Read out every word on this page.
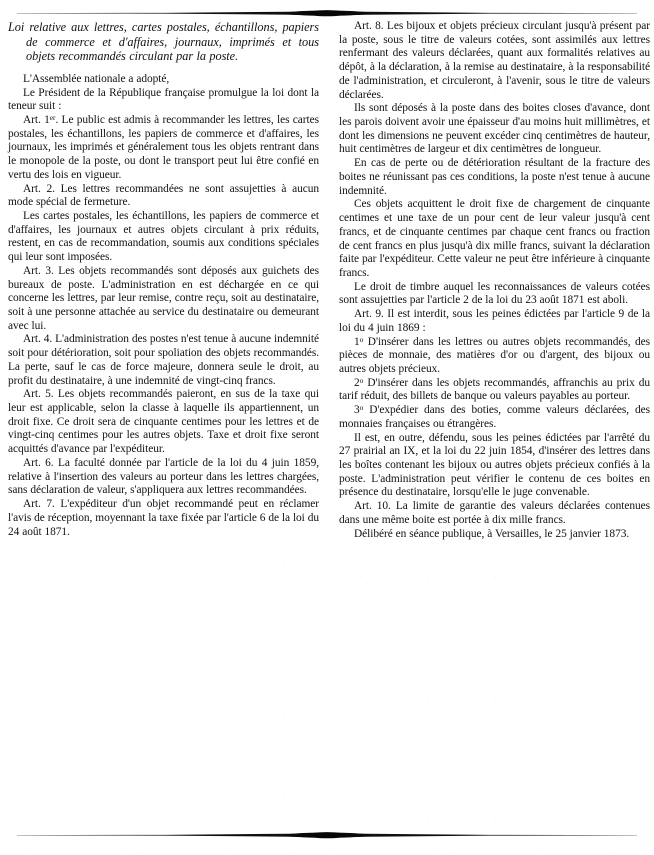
Loi relative aux lettres, cartes postales, échantillons, papiers de commerce et d'affaires, journaux, imprimés et tous objets recommandés circulant par la poste.

L'Assemblée nationale a adopté,

Le Président de la République française promulgue la loi dont la teneur suit :

Art. 1er. Le public est admis à recommander les lettres, les cartes postales, les échantillons, les papiers de commerce et d'affaires, les journaux, les imprimés et généralement tous les objets rentrant dans le monopole de la poste, ou dont le transport peut lui être confié en vertu des lois en vigueur.

Art. 2. Les lettres recommandées ne sont assujetties à aucun mode spécial de fermeture.

Les cartes postales, les échantillons, les papiers de commerce et d'affaires, les journaux et autres objets circulant à prix réduits, restent, en cas de recommandation, soumis aux conditions spéciales qui leur sont imposées.

Art. 3. Les objets recommandés sont déposés aux guichets des bureaux de poste. L'administration en est déchargée en ce qui concerne les lettres, par leur remise, contre reçu, soit au destinataire, soit à une personne attachée au service du destinataire ou demeurant avec lui.

Art. 4. L'administration des postes n'est tenue à aucune indemnité soit pour détérioration, soit pour spoliation des objets recommandés. La perte, sauf le cas de force majeure, donnera seule le droit, au profit du destinataire, à une indemnité de vingt-cinq francs.

Art. 5. Les objets recommandés paieront, en sus de la taxe qui leur est applicable, selon la classe à laquelle ils appartiennent, un droit fixe. Ce droit sera de cinquante centimes pour les lettres et de vingt-cinq centimes pour les autres objets. Taxe et droit fixe seront acquittés d'avance par l'expéditeur.

Art. 6. La faculté donnée par l'article de la loi du 4 juin 1859, relative à l'insertion des valeurs au porteur dans les lettres chargées, sans déclaration de valeur, s'appliquera aux lettres recommandées.

Art. 7. L'expéditeur d'un objet recommandé peut en réclamer l'avis de réception, moyennant la taxe fixée par l'article 6 de la loi du 24 août 1871.

Art. 8. Les bijoux et objets précieux circulant jusqu'à présent par la poste, sous le titre de valeurs cotées, sont assimilés aux lettres renfermant des valeurs déclarées, quant aux formalités relatives au dépôt, à la déclaration, à la remise au destinataire, à la responsabilité de l'administration, et circuleront, à l'avenir, sous le titre de valeurs déclarées.

Ils sont déposés à la poste dans des boites closes d'avance, dont les parois doivent avoir une épaisseur d'au moins huit millimètres, et dont les dimensions ne peuvent excéder cinq centimètres de hauteur, huit centimètres de largeur et dix centimètres de longueur.

En cas de perte ou de détérioration résultant de la fracture des boites ne réunissant pas ces conditions, la poste n'est tenue à aucune indemnité.

Ces objets acquittent le droit fixe de chargement de cinquante centimes et une taxe de un pour cent de leur valeur jusqu'à cent francs, et de cinquante centimes par chaque cent francs ou fraction de cent francs en plus jusqu'à dix mille francs, suivant la déclaration faite par l'expéditeur. Cette valeur ne peut être inférieure à cinquante francs.

Le droit de timbre auquel les reconnaissances de valeurs cotées sont assujetties par l'article 2 de la loi du 23 août 1871 est aboli.

Art. 9. Il est interdit, sous les peines édictées par l'article 9 de la loi du 4 juin 1869 :

1$^o$ D'insérer dans les lettres ou autres objets recommandés, des pièces de monnaie, des matières d'or ou d'argent, des bijoux ou autres objets précieux.

2$^o$ D'insérer dans les objets recommandés, affranchis au prix du tarif réduit, des billets de banque ou valeurs payables au porteur.

3$^o$ D'expédier dans des boties, comme valeurs déclarées, des monnaies françaises ou étrangères.

Il est, en outre, défendu, sous les peines édictées par l'arrêté du 27 prairial an IX, et la loi du 22 juin 1854, d'insérer des lettres dans les boîtes contenant les bijoux ou autres objets précieux confiés à la poste. L'administration peut vérifier le contenu de ces boites en présence du destinataire, lorsqu'elle le juge convenable.

Art. 10. La limite de garantie des valeurs déclarées contenues dans une même boite est portée à dix mille francs.

Délibéré en séance publique, à Versailles, le 25 janvier 1873.
